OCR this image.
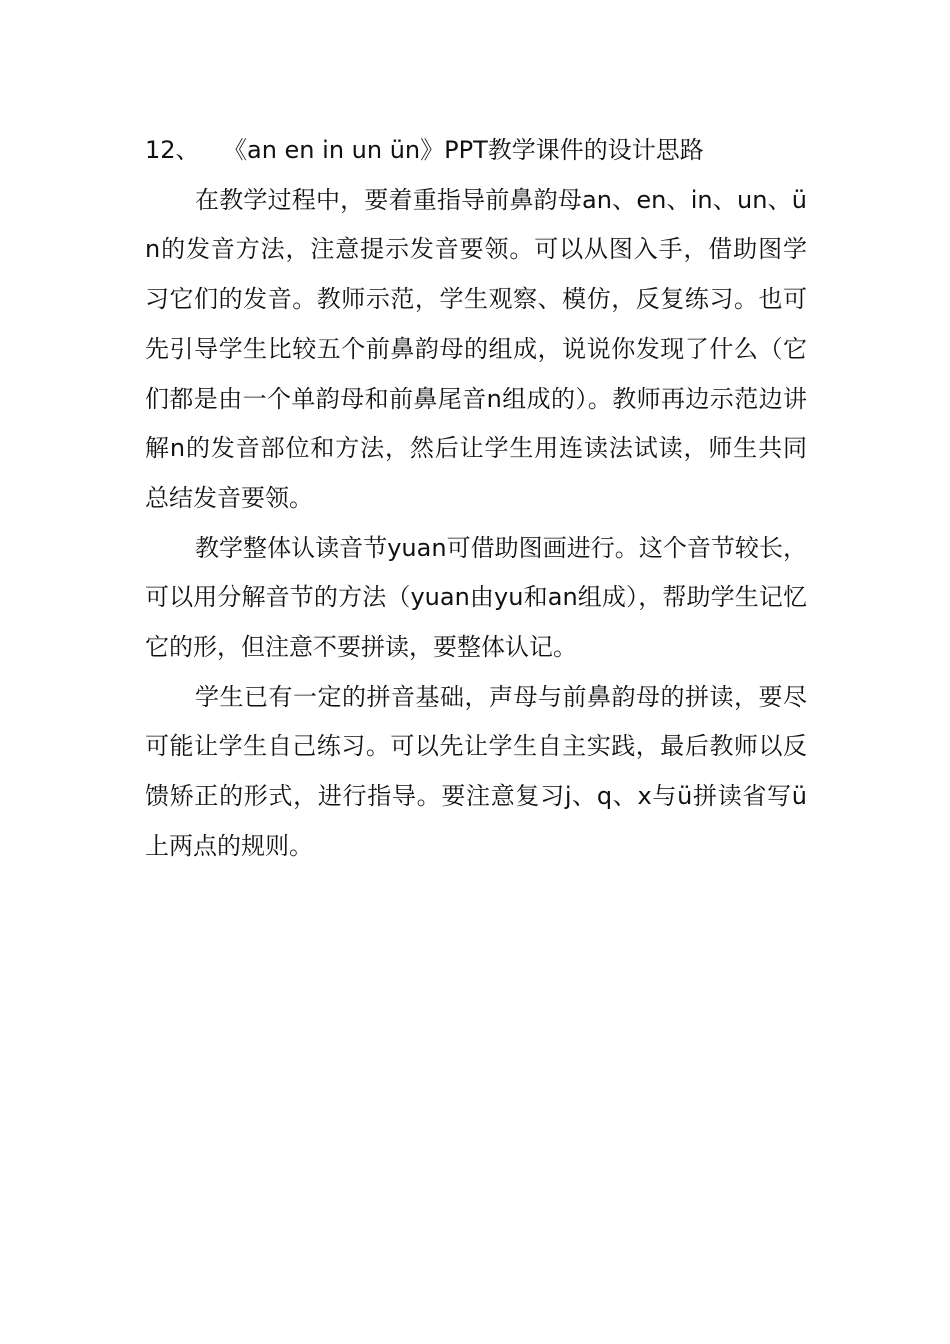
12、 《an en in un ün》PPT教学课件的设计思路

在教学过程中，要着重指导前鼻韵母an、en、in、un、ün的发音方法，注意提示发音要领。可以从图入手，借助图学习它们的发音。教师示范，学生观察、模仿，反复练习。也可先引导学生比较五个前鼻韵母的组成，说说你发现了什么（它们都是由一个单韵母和前鼻尾音n组成的）。教师再边示范边讲解n的发音部位和方法，然后让学生用连读法试读，师生共同总结发音要领。

教学整体认读音节yuan可借助图画进行。这个音节较长，可以用分解音节的方法（yuan由yu和an组成），帮助学生记忆它的形，但注意不要拼读，要整体认记。

学生已有一定的拼音基础，声母与前鼻韵母的拼读，要尽可能让学生自己练习。可以先让学生自主实践，最后教师以反馈矫正的形式，进行指导。要注意复习j、q、x与ü拼读省写ü上两点的规则。
